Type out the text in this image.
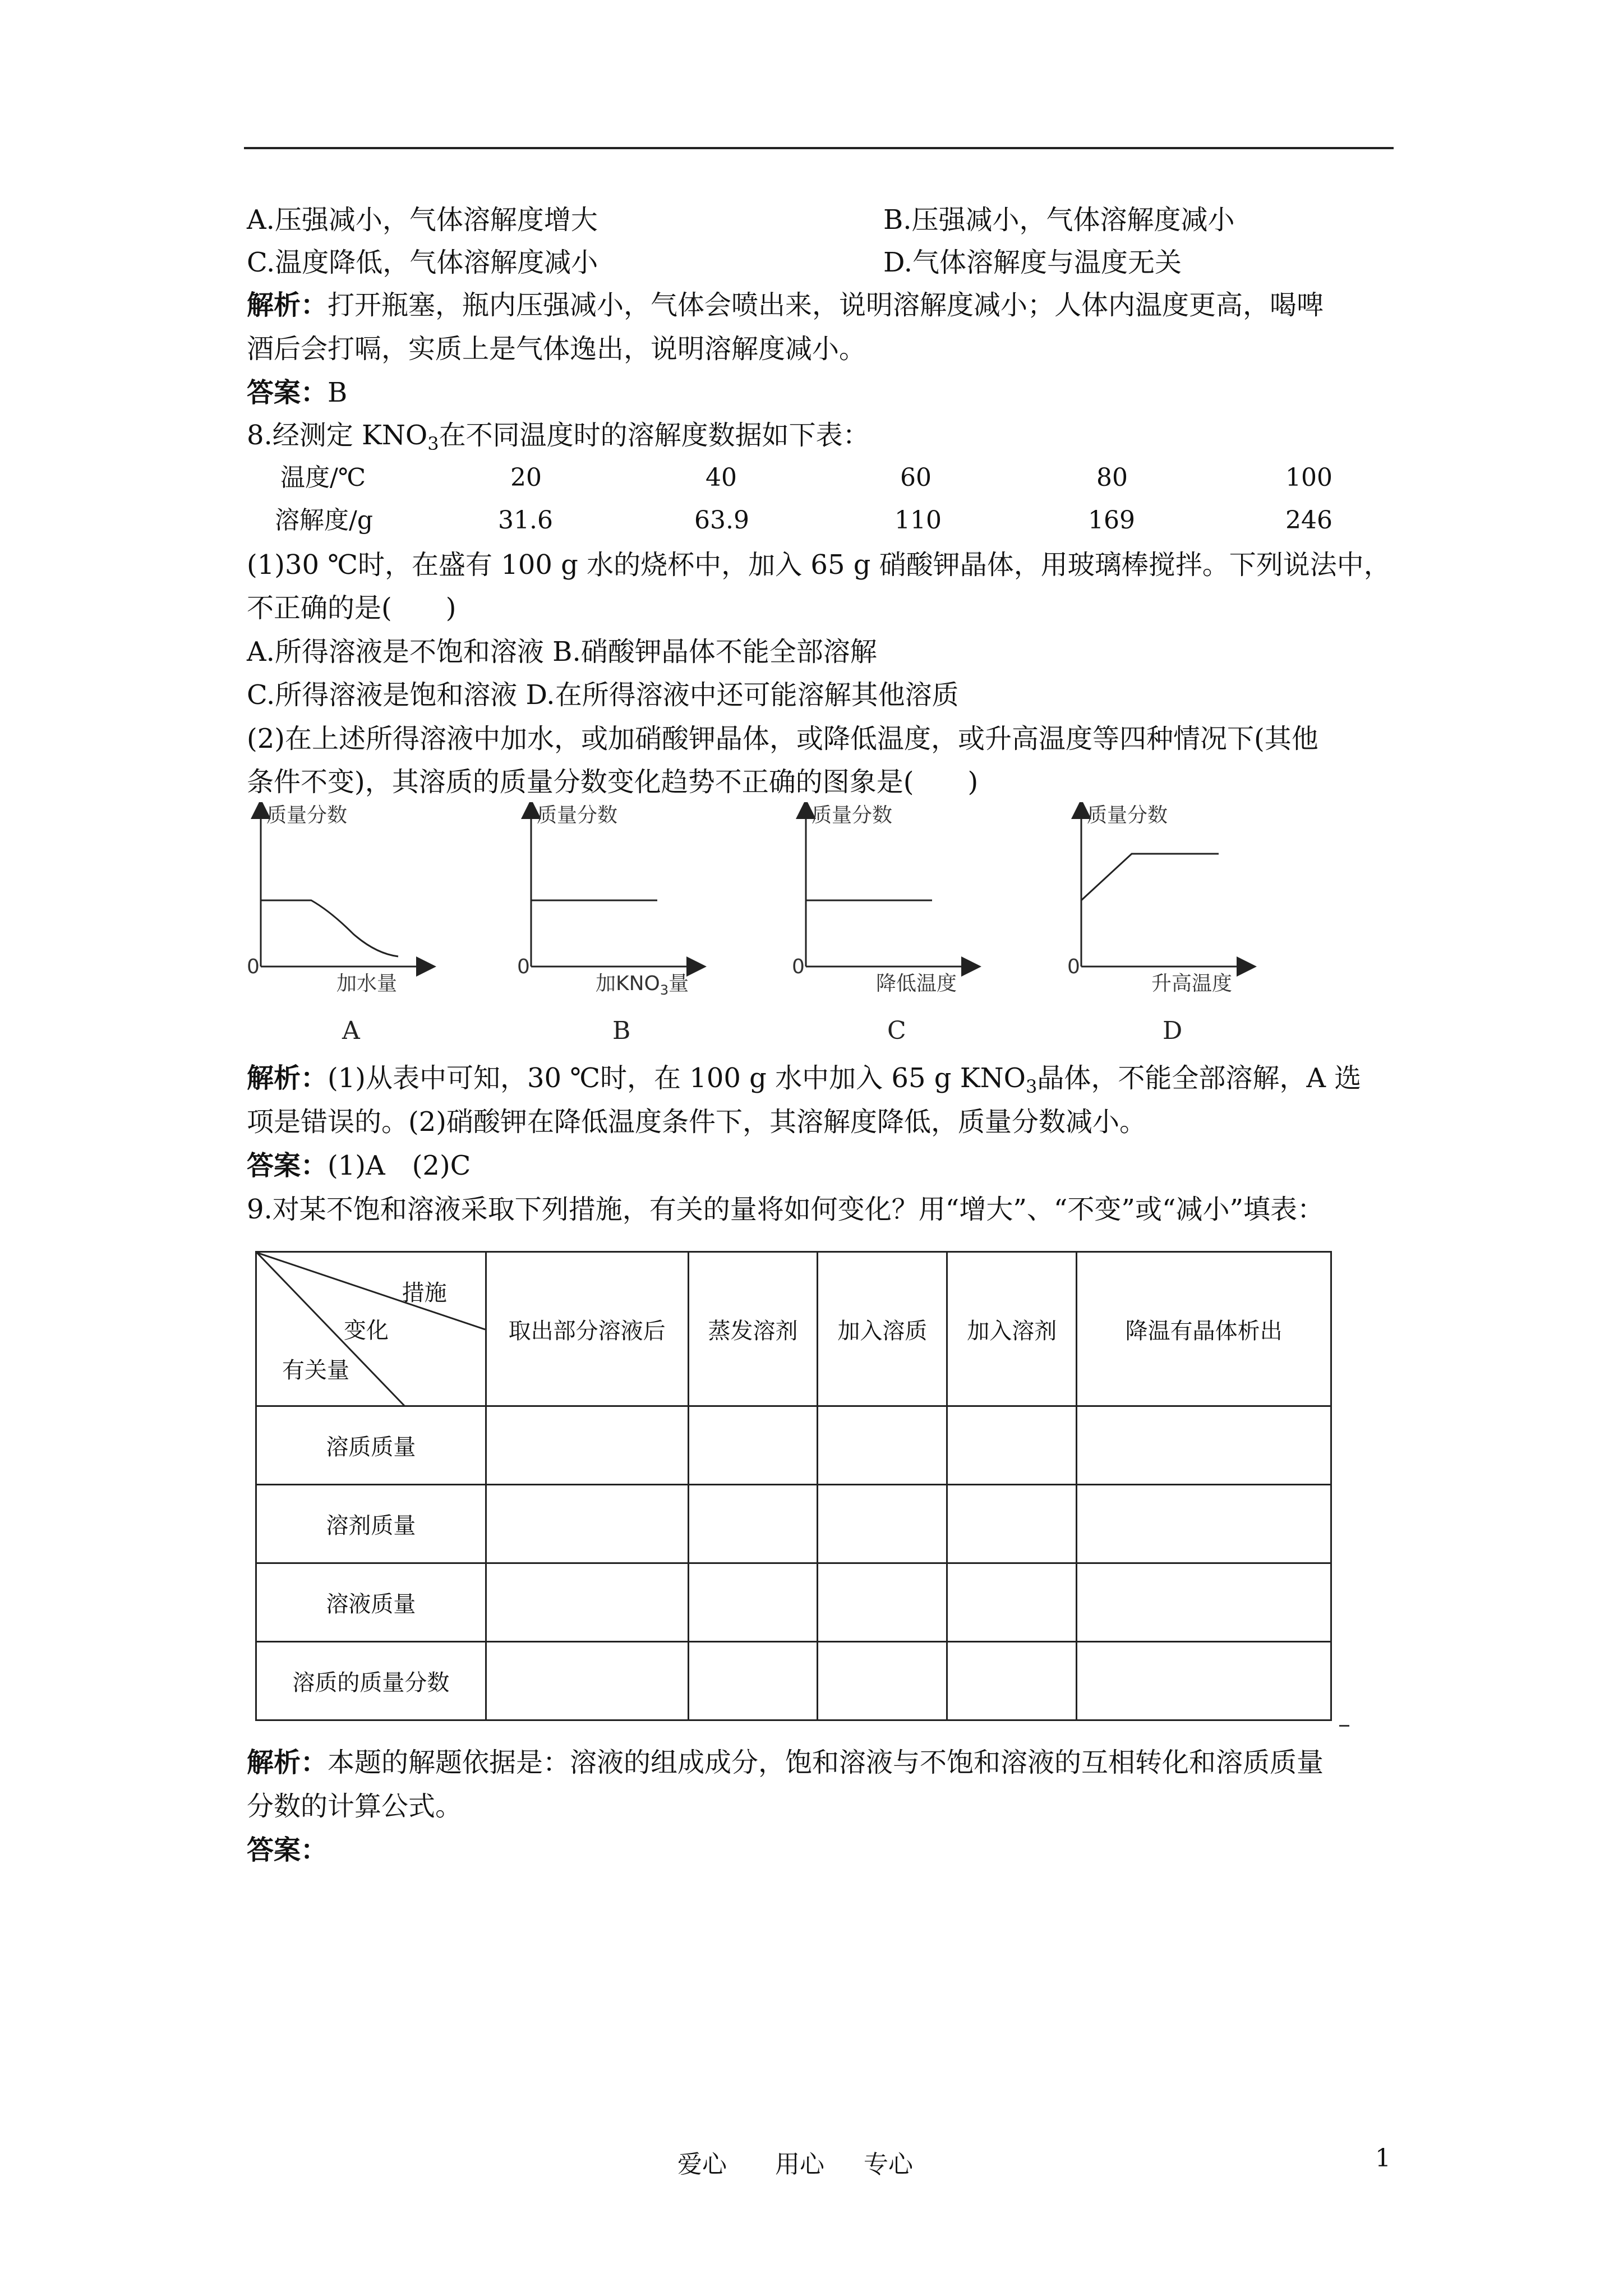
A.压强减小，气体溶解度增大	B.压强减小，气体溶解度减小
C.温度降低，气体溶解度减小	D.气体溶解度与温度无关
解析：打开瓶塞，瓶内压强减小，气体会喷出来，说明溶解度减小；人体内温度更高，喝啤
酒后会打嗝，实质上是气体逸出，说明溶解度减小。
答案：B
8.经测定 $KNO_3$在不同温度时的溶解度数据如下表：
温度/℃	20	40	60	80	100
溶解度/g	31.6	63.9	110	169	246
(1)30 ℃时，在盛有 100 g 水的烧杯中，加入 65 g 硝酸钾晶体，用玻璃棒搅拌。下列说法中，
不正确的是(　　)
A.所得溶液是不饱和溶液 B.硝酸钾晶体不能全部溶解
C.所得溶液是饱和溶液 D.在所得溶液中还可能溶解其他溶质
(2)在上述所得溶液中加水，或加硝酸钾晶体，或降低温度，或升高温度等四种情况下(其他
条件不变)，其溶质的质量分数变化趋势不正确的图象是(　　)
质量分数
0
加水量
A
质量分数
0
加$KNO_3$量
B
质量分数
0
降低温度
C
质量分数
0
升高温度
D
解析：(1)从表中可知，30 ℃时，在 100 g 水中加入 65 g $KNO_3$晶体，不能全部溶解，A 选
项是错误的。(2)硝酸钾在降低温度条件下，其溶解度降低，质量分数减小。
答案：(1)A　(2)C
9.对某不饱和溶液采取下列措施，有关的量将如何变化？用“增大”、“不变”或“减小”填表：
措施
变化
有关量	取出部分溶液后	蒸发溶剂	加入溶质	加入溶剂	降温有晶体析出
溶质质量					
溶剂质量					
溶液质量					
溶质的质量分数					
解析：本题的解题依据是：溶液的组成成分，饱和溶液与不饱和溶液的互相转化和溶质质量
分数的计算公式。
答案：
爱心 用心 专心	1
